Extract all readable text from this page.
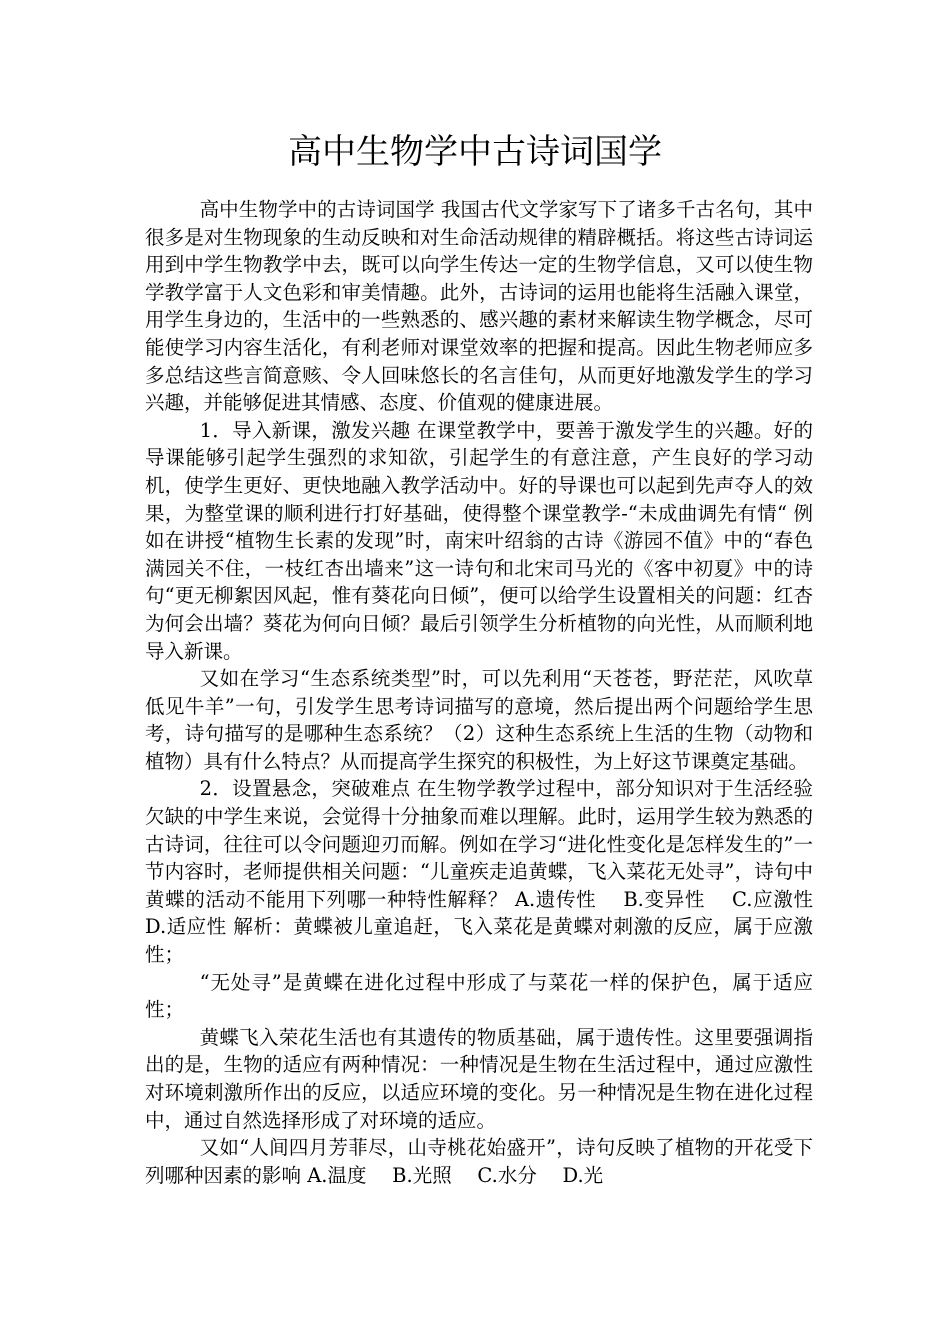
高中生物学中古诗词国学

高中生物学中的古诗词国学 我国古代文学家写下了诸多千古名句，其中很多是对生物现象的生动反映和对生命活动规律的精辟概括。将这些古诗词运用到中学生物教学中去，既可以向学生传达一定的生物学信息，又可以使生物学教学富于人文色彩和审美情趣。此外，古诗词的运用也能将生活融入课堂，用学生身边的，生活中的一些熟悉的、感兴趣的素材来解读生物学概念，尽可能使学习内容生活化，有利老师对课堂效率的把握和提高。因此生物老师应多多总结这些言简意赅、令人回味悠长的名言佳句，从而更好地激发学生的学习兴趣，并能够促进其情感、态度、价值观的健康进展。

1．导入新课，激发兴趣 在课堂教学中，要善于激发学生的兴趣。好的导课能够引起学生强烈的求知欲，引起学生的有意注意，产生良好的学习动机，使学生更好、更快地融入教学活动中。好的导课也可以起到先声夺人的效果，为整堂课的顺利进行打好基础，使得整个课堂教学-“未成曲调先有情“ 例如在讲授“植物生长素的发现”时，南宋叶绍翁的古诗《游园不值》中的“春色满园关不住，一枝红杏出墙来”这一诗句和北宋司马光的《客中初夏》中的诗句“更无柳絮因风起，惟有葵花向日倾”，便可以给学生设置相关的问题：红杏为何会出墙？葵花为何向日倾？最后引领学生分析植物的向光性，从而顺利地导入新课。

又如在学习“生态系统类型”时，可以先利用“天苍苍，野茫茫，风吹草低见牛羊”一句，引发学生思考诗词描写的意境，然后提出两个问题给学生思考，诗句描写的是哪种生态系统？（2）这种生态系统上生活的生物（动物和植物）具有什么特点？从而提高学生探究的积极性，为上好这节课奠定基础。

2．设置悬念，突破难点 在生物学教学过程中，部分知识对于生活经验欠缺的中学生来说，会觉得十分抽象而难以理解。此时，运用学生较为熟悉的古诗词，往往可以令问题迎刃而解。例如在学习“进化性变化是怎样发生的”一节内容时，老师提供相关问题：“儿童疾走追黄蝶，飞入菜花无处寻”，诗句中黄蝶的活动不能用下列哪一种特性解释？ A.遗传性　 B.变异性　 C.应激性　 D.适应性 解析：黄蝶被儿童追赶，飞入菜花是黄蝶对刺激的反应，属于应激性；

“无处寻”是黄蝶在进化过程中形成了与菜花一样的保护色，属于适应性；

黄蝶飞入荣花生活也有其遗传的物质基础，属于遗传性。这里要强调指出的是，生物的适应有两种情况：一种情况是生物在生活过程中，通过应激性对环境刺激所作出的反应，以适应环境的变化。另一种情况是生物在进化过程中，通过自然选择形成了对环境的适应。

又如“人间四月芳菲尽，山寺桃花始盛开”，诗句反映了植物的开花受下列哪种因素的影响 A.温度　 B.光照　 C.水分　 D.光
